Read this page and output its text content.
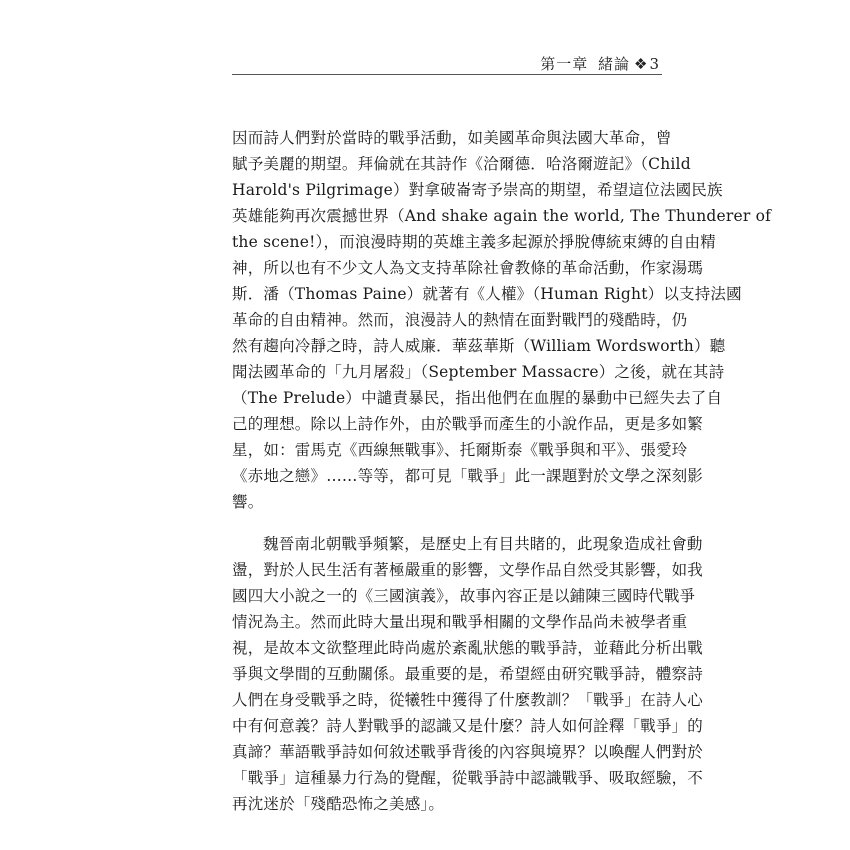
第一章 緒論 ❖3
因而詩人們對於當時的戰爭活動，如美國革命與法國大革命，曾
賦予美麗的期望。拜倫就在其詩作《洽爾德．哈洛爾遊記》（Child
Harold's Pilgrimage）對拿破崙寄予崇高的期望，希望這位法國民族
英雄能夠再次震撼世界（And shake again the world, The Thunderer of
the scene!），而浪漫時期的英雄主義多起源於掙脫傳統束縛的自由精
神，所以也有不少文人為文支持革除社會教條的革命活動，作家湯瑪
斯．潘（Thomas Paine）就著有《人權》（Human Right）以支持法國
革命的自由精神。然而，浪漫詩人的熱情在面對戰鬥的殘酷時，仍
然有趨向冷靜之時，詩人威廉．華茲華斯（William Wordsworth）聽
聞法國革命的「九月屠殺」（September Massacre）之後，就在其詩
（The Prelude）中譴責暴民，指出他們在血腥的暴動中已經失去了自
己的理想。除以上詩作外，由於戰爭而產生的小說作品，更是多如繁
星，如：雷馬克《西線無戰事》、托爾斯泰《戰爭與和平》、張愛玲
《赤地之戀》……等等，都可見「戰爭」此一課題對於文學之深刻影
響。
魏晉南北朝戰爭頻繁，是歷史上有目共睹的，此現象造成社會動
盪，對於人民生活有著極嚴重的影響，文學作品自然受其影響，如我
國四大小說之一的《三國演義》，故事內容正是以鋪陳三國時代戰爭
情況為主。然而此時大量出現和戰爭相關的文學作品尚未被學者重
視，是故本文欲整理此時尚處於紊亂狀態的戰爭詩，並藉此分析出戰
爭與文學間的互動關係。最重要的是，希望經由研究戰爭詩，體察詩
人們在身受戰爭之時，從犧牲中獲得了什麼教訓？「戰爭」在詩人心
中有何意義？詩人對戰爭的認識又是什麼？詩人如何詮釋「戰爭」的
真諦？華語戰爭詩如何敘述戰爭背後的內容與境界？以喚醒人們對於
「戰爭」這種暴力行為的覺醒，從戰爭詩中認識戰爭、吸取經驗，不
再沈迷於「殘酷恐怖之美感」。
